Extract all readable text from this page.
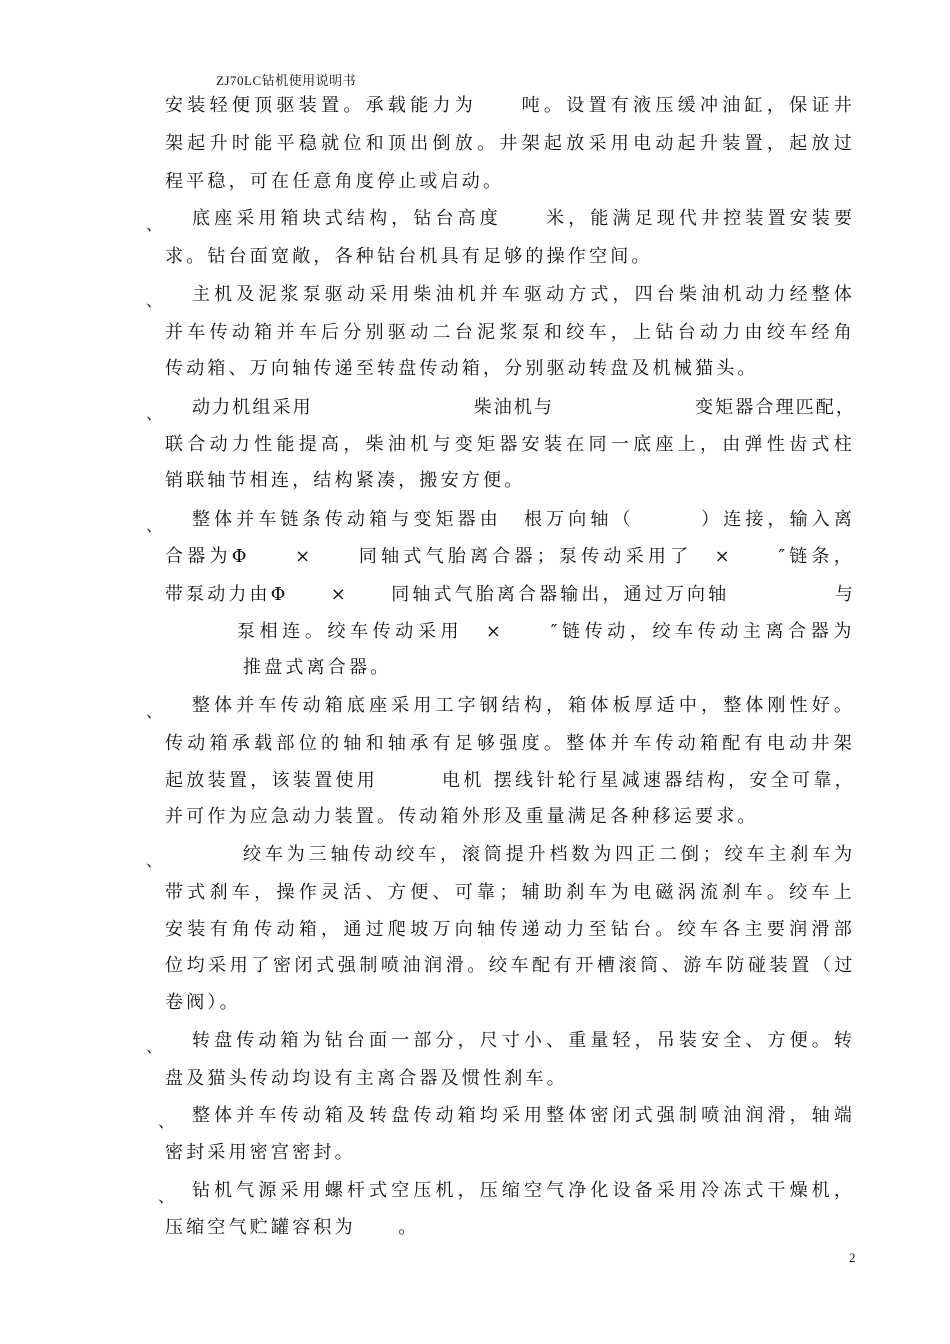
ZJ70LC钻机使用说明书
安装轻便顶驱装置。承载能力为　　吨。设置有液压缓冲油缸，保证井
架起升时能平稳就位和顶出倒放。井架起放采用电动起升装置，起放过
程平稳，可在任意角度停止或启动。
、 底座采用箱块式结构，钻台高度　　米，能满足现代井控装置安装要
求。钻台面宽敞，各种钻台机具有足够的操作空间。
、 主机及泥浆泵驱动采用柴油机并车驱动方式，四台柴油机动力经整体
并车传动箱并车后分别驱动二台泥浆泵和绞车，上钻台动力由绞车经角
传动箱、万向轴传递至转盘传动箱，分别驱动转盘及机械猫头。
、 动力机组采用　　　　　　　　柴油机与　　　　　　　变矩器合理匹配，
联合动力性能提高，柴油机与变矩器安装在同一底座上，由弹性齿式柱
销联轴节相连，结构紧凑，搬安方便。
、 整体并车链条传动箱与变矩器由　根万向轴（　　　）连接，输入离
合器为Φ　　×　　同轴式气胎离合器；泵传动采用了　×　　″链条，
带泵动力由Φ　　×　　同轴式气胎离合器输出，通过万向轴　　　　　与
泵相连。绞车传动采用　×　　″链传动，绞车传动主离合器为
推盘式离合器。
、 整体并车传动箱底座采用工字钢结构，箱体板厚适中，整体刚性好。
传动箱承载部位的轴和轴承有足够强度。整体并车传动箱配有电动井架
起放装置，该装置使用　　　电机 摆线针轮行星减速器结构，安全可靠，
并可作为应急动力装置。传动箱外形及重量满足各种移运要求。
、	绞车为三轴传动绞车，滚筒提升档数为四正二倒；绞车主刹车为
带式刹车，操作灵活、方便、可靠；辅助刹车为电磁涡流刹车。绞车上
安装有角传动箱，通过爬坡万向轴传递动力至钻台。绞车各主要润滑部
位均采用了密闭式强制喷油润滑。绞车配有开槽滚筒、游车防碰装置（过
卷阀）。
、 转盘传动箱为钻台面一部分，尺寸小、重量轻，吊装安全、方便。转
盘及猫头传动均设有主离合器及惯性刹车。
、 整体并车传动箱及转盘传动箱均采用整体密闭式强制喷油润滑，轴端
密封采用密宫密封。
、 钻机气源采用螺杆式空压机，压缩空气净化设备采用冷冻式干燥机，
压缩空气贮罐容积为　　。
2
